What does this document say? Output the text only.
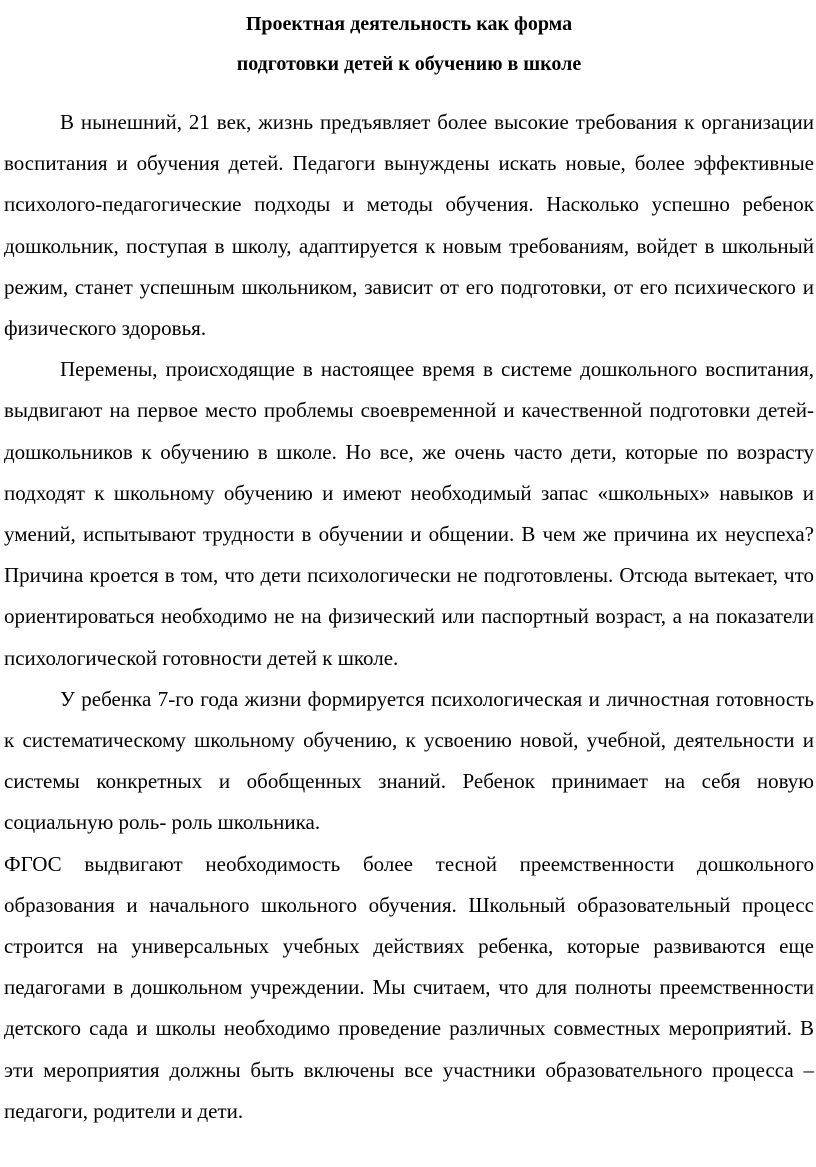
Проектная деятельность как форма
подготовки детей к обучению в школе

В нынешний, 21 век, жизнь предъявляет более высокие требования к организации воспитания и обучения детей. Педагоги вынуждены искать новые, более эффективные психолого-педагогические подходы и методы обучения. Насколько успешно ребенок дошкольник, поступая в школу, адаптируется к новым требованиям, войдет в школьный режим, станет успешным школьником, зависит от его подготовки, от его психического и физического здоровья.

Перемены, происходящие в настоящее время в системе дошкольного воспитания, выдвигают на первое место проблемы своевременной и качественной подготовки детей-дошкольников к обучению в школе. Но все, же очень часто дети, которые по возрасту подходят к школьному обучению и имеют необходимый запас «школьных» навыков и умений, испытывают трудности в обучении и общении. В чем же причина их неуспеха? Причина кроется в том, что дети психологически не подготовлены. Отсюда вытекает, что ориентироваться необходимо не на физический или паспортный возраст, а на показатели психологической готовности детей к школе.

У ребенка 7-го года жизни формируется психологическая и личностная готовность к систематическому школьному обучению, к усвоению новой, учебной, деятельности и системы конкретных и обобщенных знаний. Ребенок принимает на себя новую социальную роль- роль школьника.

ФГОС выдвигают необходимость более тесной преемственности дошкольного образования и начального школьного обучения. Школьный образовательный процесс строится на универсальных учебных действиях ребенка, которые развиваются еще педагогами в дошкольном учреждении. Мы считаем, что для полноты преемственности детского сада и школы необходимо проведение различных совместных мероприятий. В эти мероприятия должны быть включены все участники образовательного процесса – педагоги, родители и дети.
